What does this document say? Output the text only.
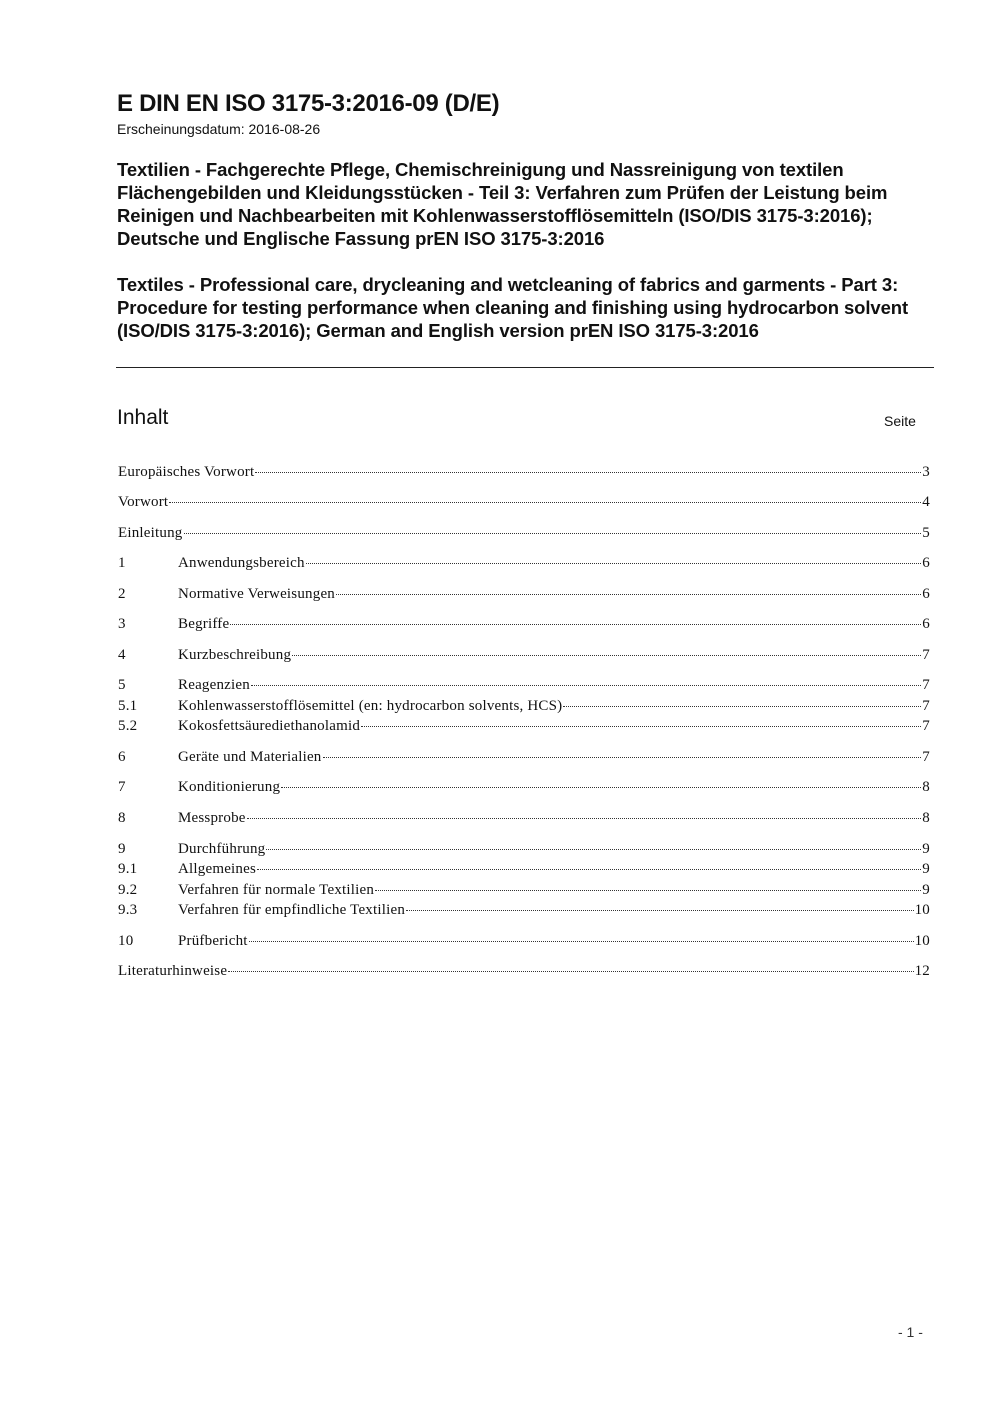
E DIN EN ISO 3175-3:2016-09 (D/E)
Erscheinungsdatum: 2016-08-26
Textilien - Fachgerechte Pflege, Chemischreinigung und Nassreinigung von textilen Flächengebilden und Kleidungsstücken - Teil 3: Verfahren zum Prüfen der Leistung beim Reinigen und Nachbearbeiten mit Kohlenwasserstofflösemitteln (ISO/DIS 3175-3:2016); Deutsche und Englische Fassung prEN ISO 3175-3:2016
Textiles - Professional care, drycleaning and wetcleaning of fabrics and garments - Part 3: Procedure for testing performance when cleaning and finishing using hydrocarbon solvent (ISO/DIS 3175-3:2016); German and English version prEN ISO 3175-3:2016
Inhalt	Seite
Europäisches Vorwort	3
Vorwort	4
Einleitung	5
1	Anwendungsbereich	6
2	Normative Verweisungen	6
3	Begriffe	6
4	Kurzbeschreibung	7
5	Reagenzien	7
5.1	Kohlenwasserstofflösemittel (en: hydrocarbon solvents, HCS)	7
5.2	Kokosfettsäurediethanolamid	7
6	Geräte und Materialien	7
7	Konditionierung	8
8	Messprobe	8
9	Durchführung	9
9.1	Allgemeines	9
9.2	Verfahren für normale Textilien	9
9.3	Verfahren für empfindliche Textilien	10
10	Prüfbericht	10
Literaturhinweise	12
- 1 -
